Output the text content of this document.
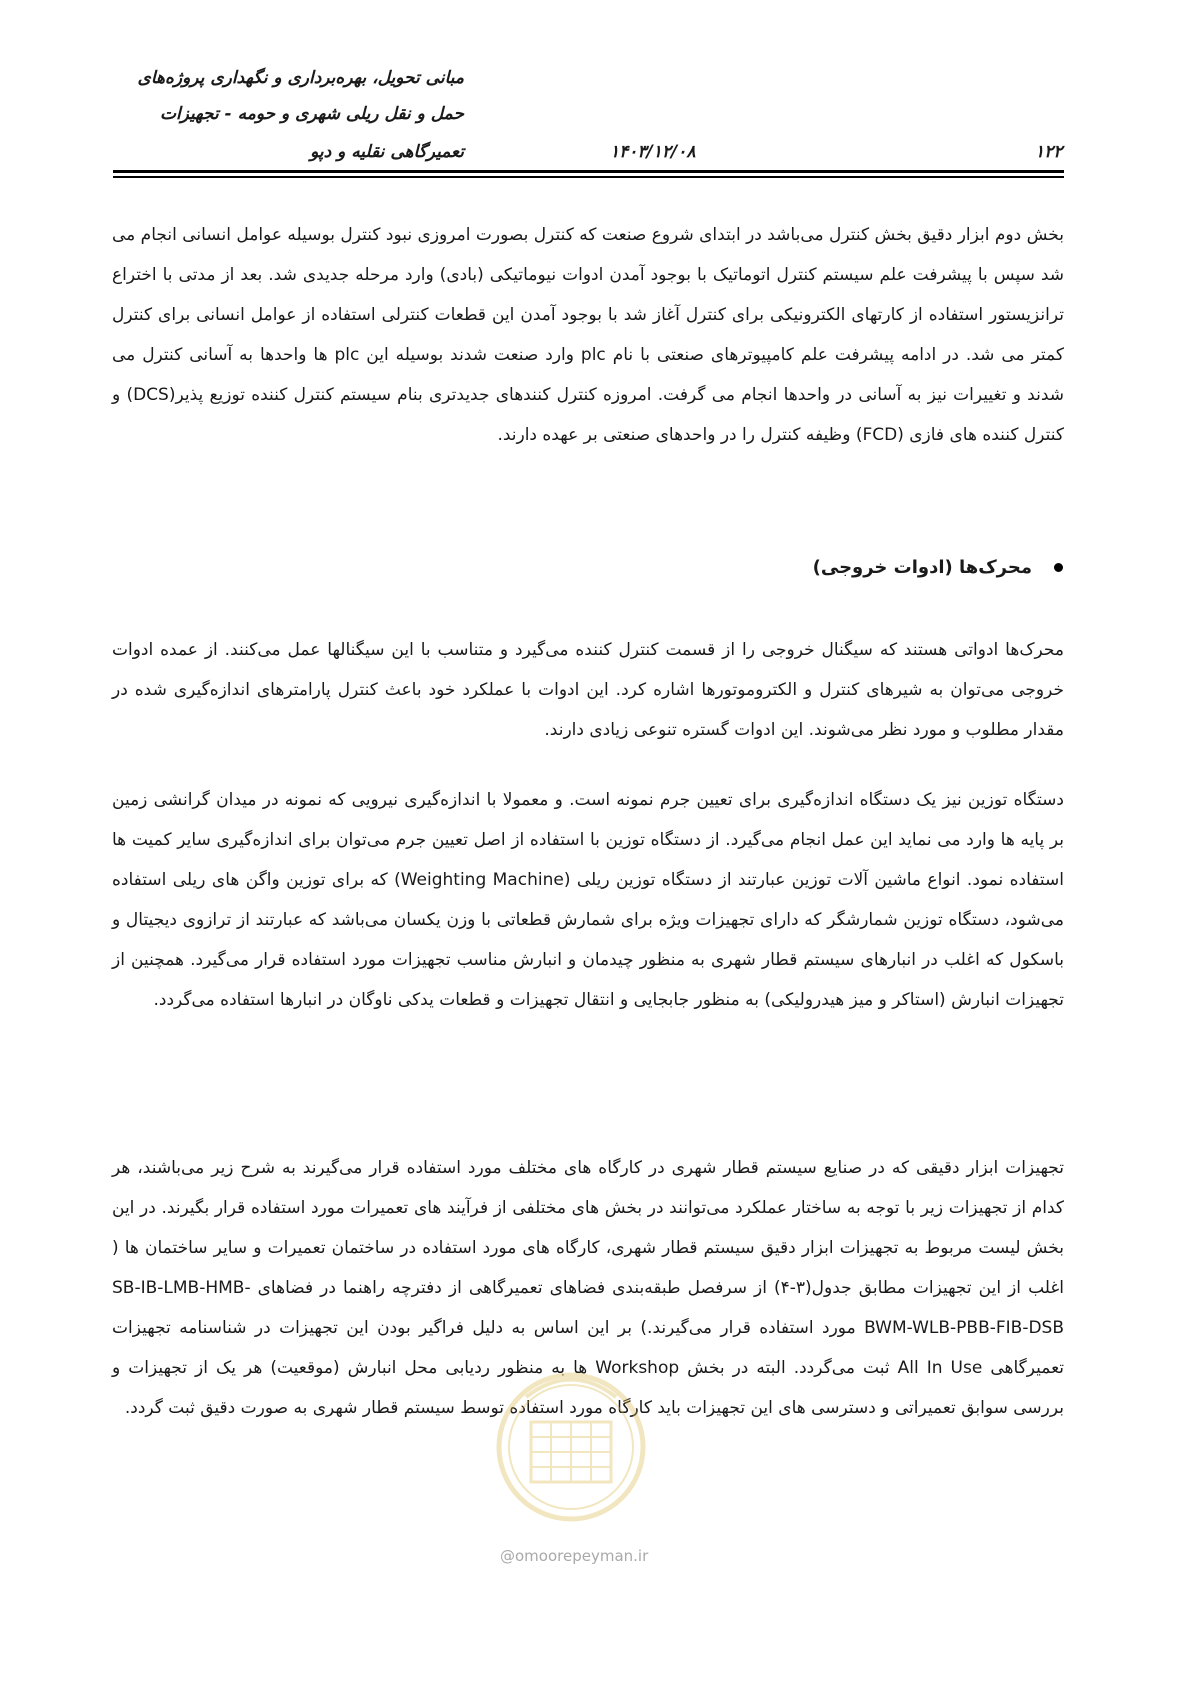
مبانی تحویل، بهره‌برداری و نگهداری پروژه‌های
حمل و نقل ریلی شهری و حومه - تجهیزات
تعمیرگاهی نقلیه و دپو	۱۴۰۳/۱۲/۰۸	۱۲۲

بخش دوم ابزار دقیق بخش کنترل می‌باشد در ابتدای شروع صنعت که کنترل بصورت امروزی نبود کنترل بوسیله عوامل انسانی انجام می شد سپس با پیشرفت علم سیستم کنترل اتوماتیک با بوجود آمدن ادوات نیوماتیکی (بادی) وارد مرحله جدیدی شد. بعد از مدتی با اختراع ترانزیستور استفاده از کارتهای الکترونیکی برای کنترل آغاز شد با بوجود آمدن این قطعات کنترلی استفاده از عوامل انسانی برای کنترل کمتر می شد. در ادامه پیشرفت علم کامپیوترهای صنعتی با نام plc وارد صنعت شدند بوسیله این plc ها واحدها به آسانی کنترل می شدند و تغییرات نیز به آسانی در واحدها انجام می گرفت. امروزه کنترل کنندهای جدیدتری بنام سیستم کنترل کننده توزیع پذیر(DCS) و کنترل کننده های فازی (FCD) وظیفه کنترل را در واحدهای صنعتی بر عهده دارند.

محرک‌ها (ادوات خروجی)

محرک‌ها ادواتی هستند که سیگنال خروجی را از قسمت کنترل کننده می‌گیرد و متناسب با این سیگنالها عمل می‌کنند. از عمده ادوات خروجی می‌توان به شیرهای کنترل و الکتروموتورها اشاره کرد. این ادوات با عملکرد خود باعث کنترل پارامترهای اندازه‌گیری شده در مقدار مطلوب و مورد نظر می‌شوند. این ادوات گستره تنوعی زیادی دارند.

دستگاه توزین نیز یک دستگاه اندازه‌گیری برای تعیین جرم نمونه است. و معمولا با اندازه‌گیری نیرویی که نمونه در میدان گرانشی زمین بر پایه ها وارد می نماید این عمل انجام می‌گیرد. از دستگاه توزین با استفاده از اصل تعیین جرم می‌توان برای اندازه‌گیری سایر کمیت ها استفاده نمود. انواع ماشین آلات توزین عبارتند از دستگاه توزین ریلی (Weighting Machine) که برای توزین واگن های ریلی استفاده می‌شود، دستگاه توزین شمارشگر که دارای تجهیزات ویژه برای شمارش قطعاتی با وزن یکسان می‌باشد که عبارتند از ترازوی دیجیتال و باسکول که اغلب در انبارهای سیستم قطار شهری به منظور چیدمان و انبارش مناسب تجهیزات مورد استفاده قرار می‌گیرد. همچنین از تجهیزات انبارش (استاکر و میز هیدرولیکی) به منظور جابجایی و انتقال تجهیزات و قطعات یدکی ناوگان در انبارها استفاده می‌گردد.

تجهیزات ابزار دقیقی که در صنایع سیستم قطار شهری در کارگاه های مختلف مورد استفاده قرار می‌گیرند به شرح زیر می‌باشند، هر کدام از تجهیزات زیر با توجه به ساختار عملکرد می‌توانند در بخش های مختلفی از فرآیند های تعمیرات مورد استفاده قرار بگیرند. در این بخش لیست مربوط به تجهیزات ابزار دقیق سیستم قطار شهری، کارگاه های مورد استفاده در ساختمان تعمیرات و سایر ساختمان ها ( اغلب از این تجهیزات مطابق جدول(۳-۴) از سرفصل طبقه‌بندی فضاهای تعمیرگاهی از دفترچه راهنما در فضاهای SB-IB-LMB-HMB-BWM-WLB-PBB-FIB-DSB مورد استفاده قرار می‌گیرند.) بر این اساس به دلیل فراگیر بودن این تجهیزات در شناسنامه تجهیزات تعمیرگاهی All In Use ثبت می‌گردد. البته در بخش Workshop ها به منظور ردیابی محل انبارش (موقعیت) هر یک از تجهیزات و بررسی سوابق تعمیراتی و دسترسی های این تجهیزات باید کارگاه مورد استفاده توسط سیستم قطار شهری به صورت دقیق ثبت گردد.

@omoorepeyman.ir
